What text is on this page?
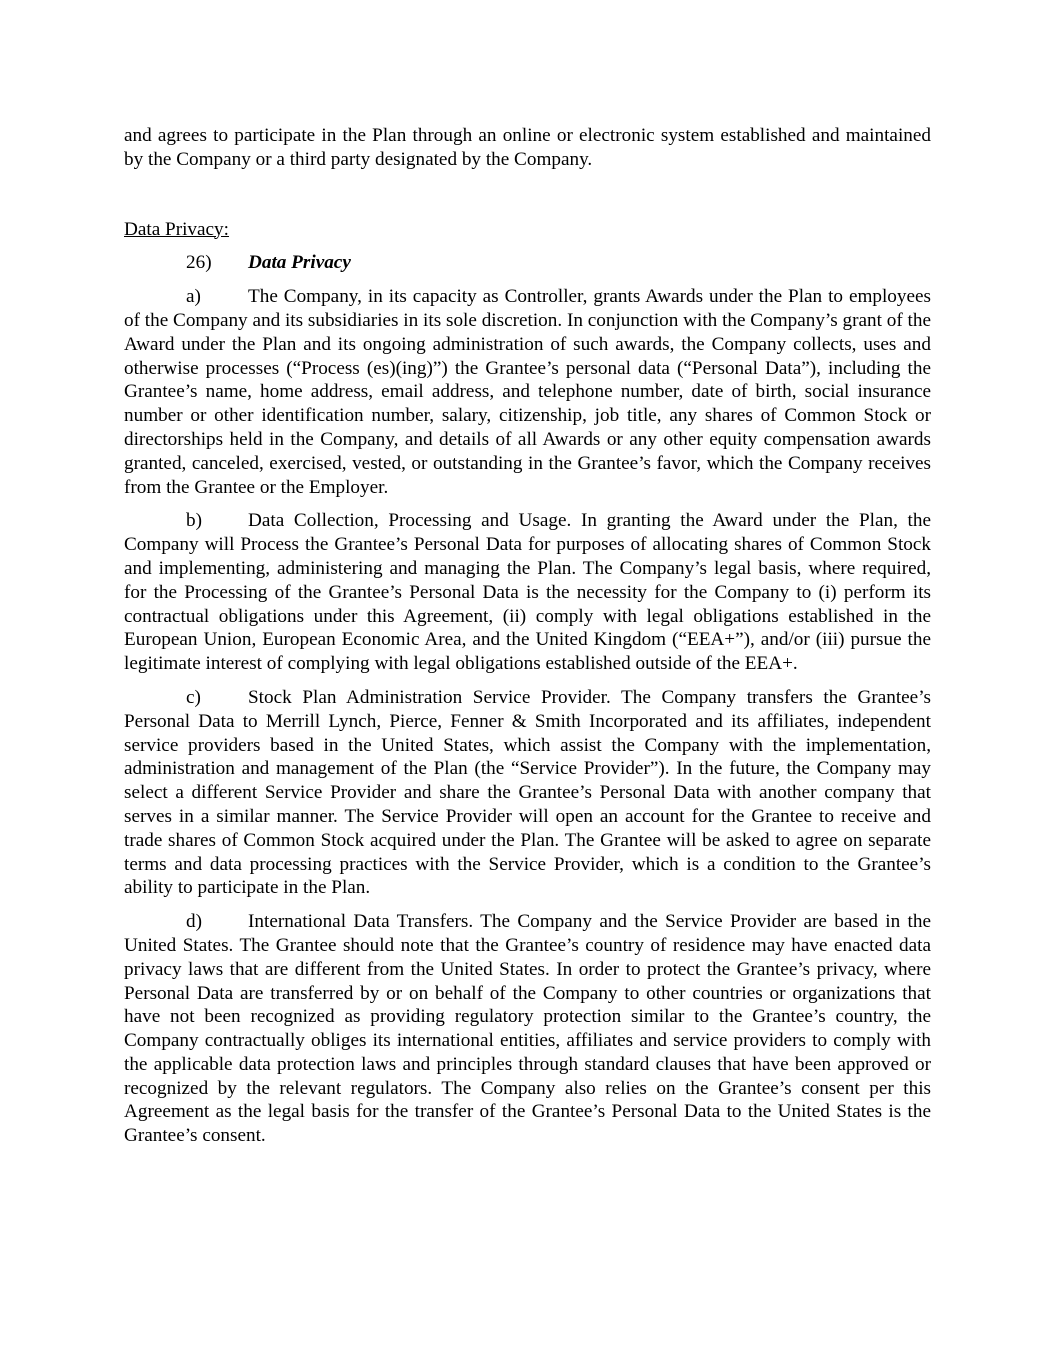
and agrees to participate in the Plan through an online or electronic system established and maintained by the Company or a third party designated by the Company.

Data Privacy:

26) Data Privacy

a) The Company, in its capacity as Controller, grants Awards under the Plan to employees of the Company and its subsidiaries in its sole discretion. In conjunction with the Company’s grant of the Award under the Plan and its ongoing administration of such awards, the Company collects, uses and otherwise processes (“Process (es)(ing)”) the Grantee’s personal data (“Personal Data”), including the Grantee’s name, home address, email address, and telephone number, date of birth, social insurance number or other identification number, salary, citizenship, job title, any shares of Common Stock or directorships held in the Company, and details of all Awards or any other equity compensation awards granted, canceled, exercised, vested, or outstanding in the Grantee’s favor, which the Company receives from the Grantee or the Employer.

b) Data Collection, Processing and Usage. In granting the Award under the Plan, the Company will Process the Grantee’s Personal Data for purposes of allocating shares of Common Stock and implementing, administering and managing the Plan. The Company’s legal basis, where required, for the Processing of the Grantee’s Personal Data is the necessity for the Company to (i) perform its contractual obligations under this Agreement, (ii) comply with legal obligations established in the European Union, European Economic Area, and the United Kingdom (“EEA+”), and/or (iii) pursue the legitimate interest of complying with legal obligations established outside of the EEA+.

c) Stock Plan Administration Service Provider. The Company transfers the Grantee’s Personal Data to Merrill Lynch, Pierce, Fenner & Smith Incorporated and its affiliates, independent service providers based in the United States, which assist the Company with the implementation, administration and management of the Plan (the “Service Provider”). In the future, the Company may select a different Service Provider and share the Grantee’s Personal Data with another company that serves in a similar manner. The Service Provider will open an account for the Grantee to receive and trade shares of Common Stock acquired under the Plan. The Grantee will be asked to agree on separate terms and data processing practices with the Service Provider, which is a condition to the Grantee’s ability to participate in the Plan.

d) International Data Transfers. The Company and the Service Provider are based in the United States. The Grantee should note that the Grantee’s country of residence may have enacted data privacy laws that are different from the United States. In order to protect the Grantee’s privacy, where Personal Data are transferred by or on behalf of the Company to other countries or organizations that have not been recognized as providing regulatory protection similar to the Grantee’s country, the Company contractually obliges its international entities, affiliates and service providers to comply with the applicable data protection laws and principles through standard clauses that have been approved or recognized by the relevant regulators. The Company also relies on the Grantee’s consent per this Agreement as the legal basis for the transfer of the Grantee’s Personal Data to the United States is the Grantee’s consent.
